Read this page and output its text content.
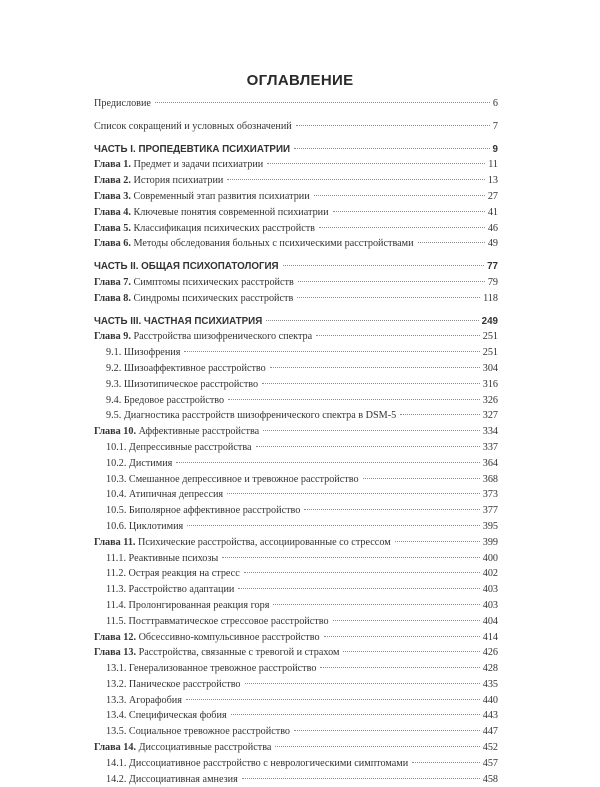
ОГЛАВЛЕНИЕ
Предисловие	6
Список сокращений и условных обозначений	7
ЧАСТЬ I. ПРОПЕДЕВТИКА ПСИХИАТРИИ	9
Глава 1. Предмет и задачи психиатрии	11
Глава 2. История психиатрии	13
Глава 3. Современный этап развития психиатрии	27
Глава 4. Ключевые понятия современной психиатрии	41
Глава 5. Классификация психических расстройств	46
Глава 6. Методы обследования больных с психическими расстройствами	49
ЧАСТЬ II. ОБЩАЯ ПСИХОПАТОЛОГИЯ	77
Глава 7. Симптомы психических расстройств	79
Глава 8. Синдромы психических расстройств	118
ЧАСТЬ III. ЧАСТНАЯ ПСИХИАТРИЯ	249
Глава 9. Расстройства шизофренического спектра	251
9.1. Шизофрения	251
9.2. Шизоаффективное расстройство	304
9.3. Шизотипическое расстройство	316
9.4. Бредовое расстройство	326
9.5. Диагностика расстройств шизофренического спектра в DSM-5	327
Глава 10. Аффективные расстройства	334
10.1. Депрессивные расстройства	337
10.2. Дистимия	364
10.3. Смешанное депрессивное и тревожное расстройство	368
10.4. Атипичная депрессия	373
10.5. Биполярное аффективное расстройство	377
10.6. Циклотимия	395
Глава 11. Психические расстройства, ассоциированные со стрессом	399
11.1. Реактивные психозы	400
11.2. Острая реакция на стресс	402
11.3. Расстройство адаптации	403
11.4. Пролонгированная реакция горя	403
11.5. Посттравматическое стрессовое расстройство	404
Глава 12. Обсессивно-компульсивное расстройство	414
Глава 13. Расстройства, связанные с тревогой и страхом	426
13.1. Генерализованное тревожное расстройство	428
13.2. Паническое расстройство	435
13.3. Агорафобия	440
13.4. Специфическая фобия	443
13.5. Социальное тревожное расстройство	447
Глава 14. Диссоциативные расстройства	452
14.1. Диссоциативное расстройство с неврологическими симптомами	457
14.2. Диссоциативная амнезия	458
